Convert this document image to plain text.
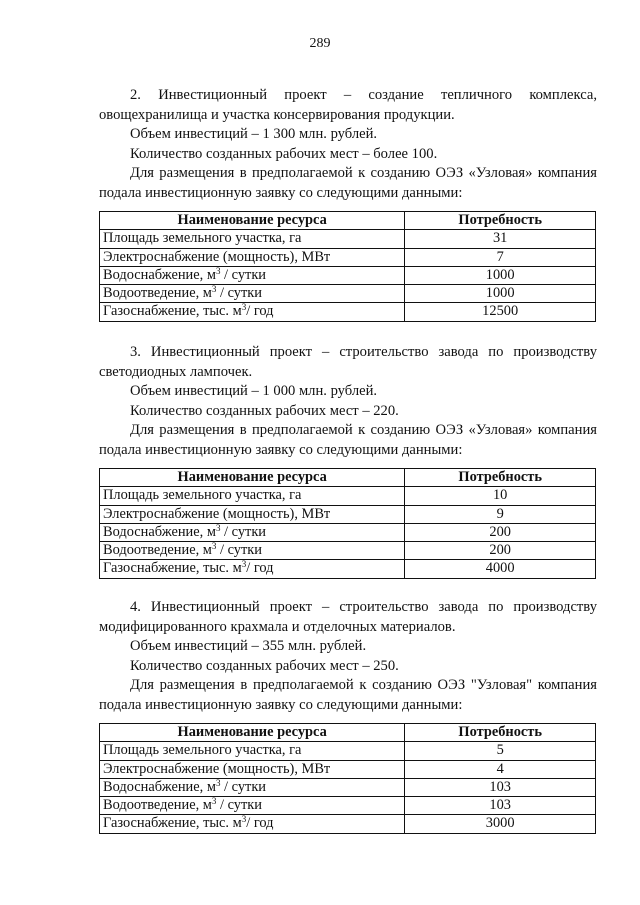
289

2. Инвестиционный проект – создание тепличного комплекса, овощехранилища и участка консервирования продукции.

Объем инвестиций – 1 300 млн. рублей.

Количество созданных рабочих мест – более 100.

Для размещения в предполагаемой к созданию ОЭЗ «Узловая» компания подала инвестиционную заявку со следующими данными:

Наименование ресурса	Потребность
Площадь земельного участка, га	31
Электроснабжение (мощность), МВт	7
Водоснабжение, $м^3$ / сутки	1000
Водоотведение, $м^3$ / сутки	1000
Газоснабжение, тыс. $м^3/$ год	12500

3. Инвестиционный проект – строительство завода по производству светодиодных лампочек.

Объем инвестиций – 1 000 млн. рублей.

Количество созданных рабочих мест – 220.

Для размещения в предполагаемой к созданию ОЭЗ «Узловая» компания подала инвестиционную заявку со следующими данными:

Наименование ресурса	Потребность
Площадь земельного участка, га	10
Электроснабжение (мощность), МВт	9
Водоснабжение, $м^3$ / сутки	200
Водоотведение, $м^3$ / сутки	200
Газоснабжение, тыс. $м^3/$ год	4000

4. Инвестиционный проект – строительство завода по производству модифицированного крахмала и отделочных материалов.

Объем инвестиций – 355 млн. рублей.

Количество созданных рабочих мест – 250.

Для размещения в предполагаемой к созданию ОЭЗ "Узловая" компания подала инвестиционную заявку со следующими данными:

Наименование ресурса	Потребность
Площадь земельного участка, га	5
Электроснабжение (мощность), МВт	4
Водоснабжение, $м^3$ / сутки	103
Водоотведение, $м^3$ / сутки	103
Газоснабжение, тыс. $м^3/$ год	3000
